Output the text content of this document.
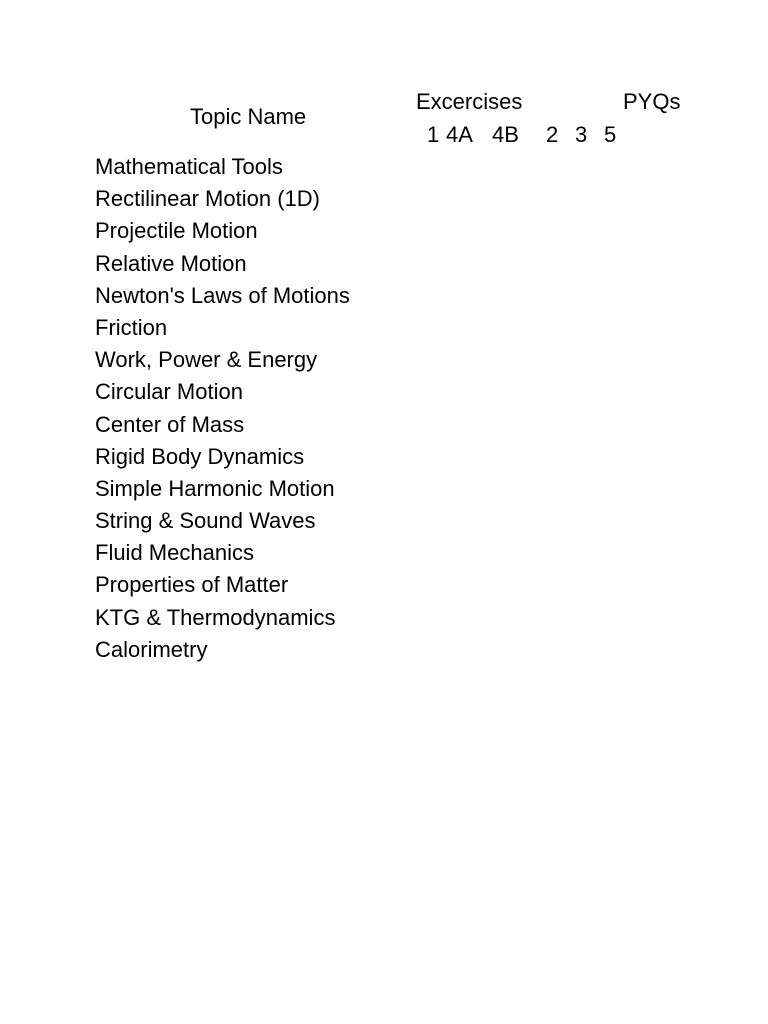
Topic Name
Excercises	PYQs
1 4A 4B 2 3 5
Mathematical Tools
Rectilinear Motion (1D)
Projectile Motion
Relative Motion
Newton's Laws of Motions
Friction
Work, Power & Energy
Circular Motion
Center of Mass
Rigid Body Dynamics
Simple Harmonic Motion
String & Sound Waves
Fluid Mechanics
Properties of Matter
KTG & Thermodynamics
Calorimetry
